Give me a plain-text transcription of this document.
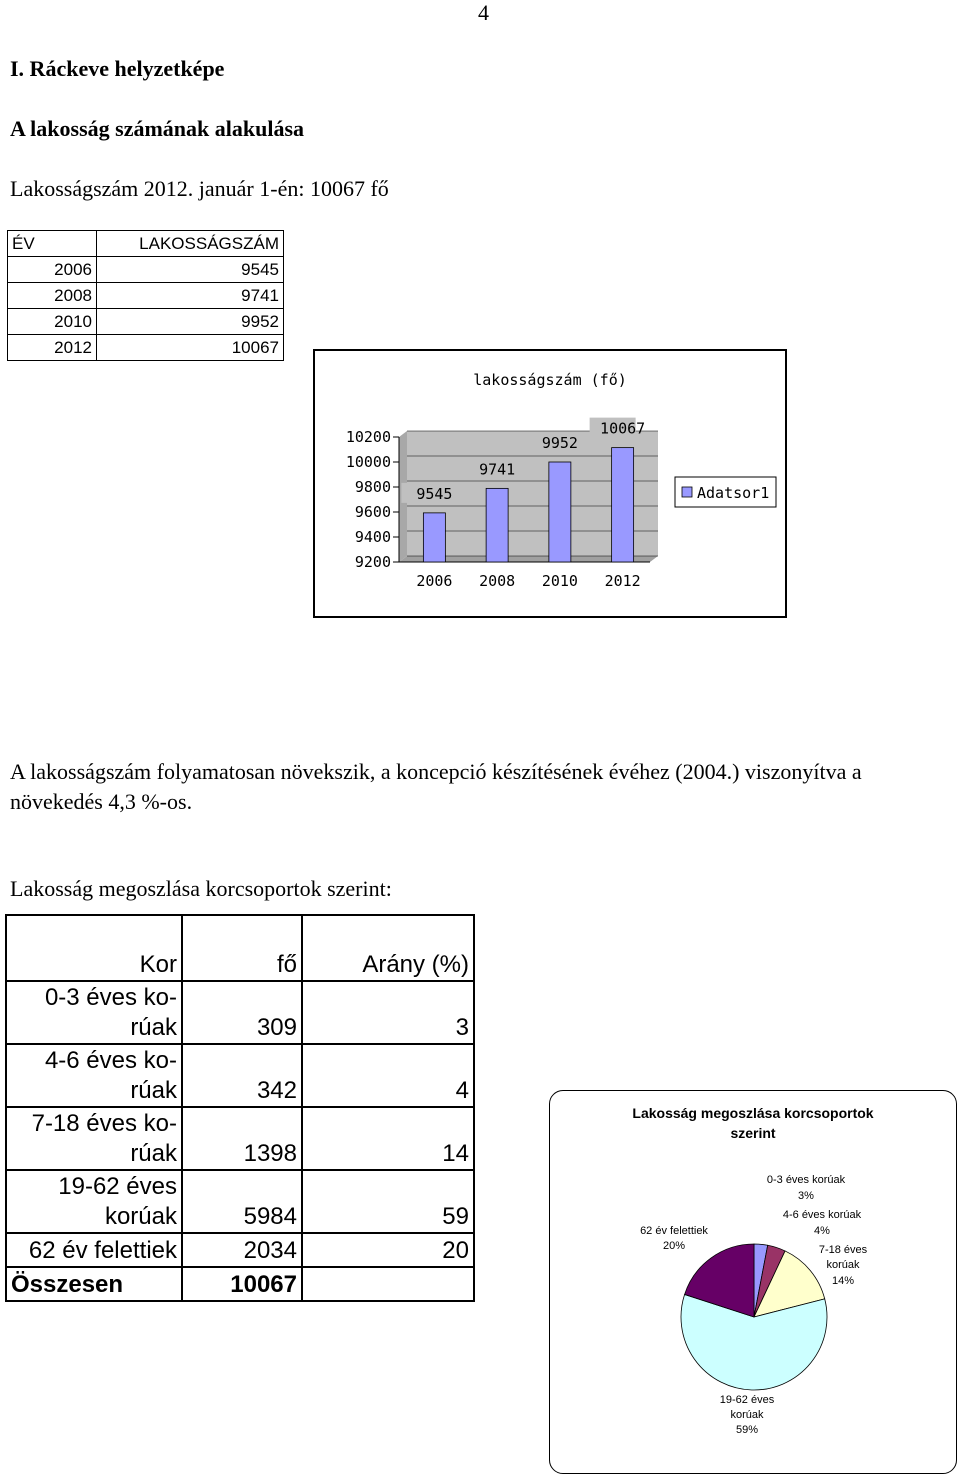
4
I. Ráckeve helyzetképe
A lakosság számának alakulása
Lakosságszám 2012. január 1-én: 10067 fő
ÉV	LAKOSSÁGSZÁM
2006	9545
2008	9741
2010	9952
2012	10067
lakosságszám (fő)
10200
10000
9800
9600
9400
9200
9545
2006
9741
2008
9952
2010
10067
2012
Adatsor1
A lakosságszám folyamatosan növekszik, a koncepció készítésének évéhez (2004.) viszonyítva a növekedés 4,3 %-os.
Lakosság megoszlása korcsoportok szerint:
Kor	fő	Arány (%)
0-3 éves ko-
rúak	309	3
4-6 éves ko-
rúak	342	4
7-18 éves ko-
rúak	1398	14
19-62 éves
korúak	5984	59
62 év felettiek	2034	20
Összesen	10067	
Lakosság megoszlása korcsoportok
szerint
0-3 éves korúak
3%
4-6 éves korúak
4%
7-18 éves
korúak
14%
19-62 éves
korúak
59%
62 év felettiek
20%
